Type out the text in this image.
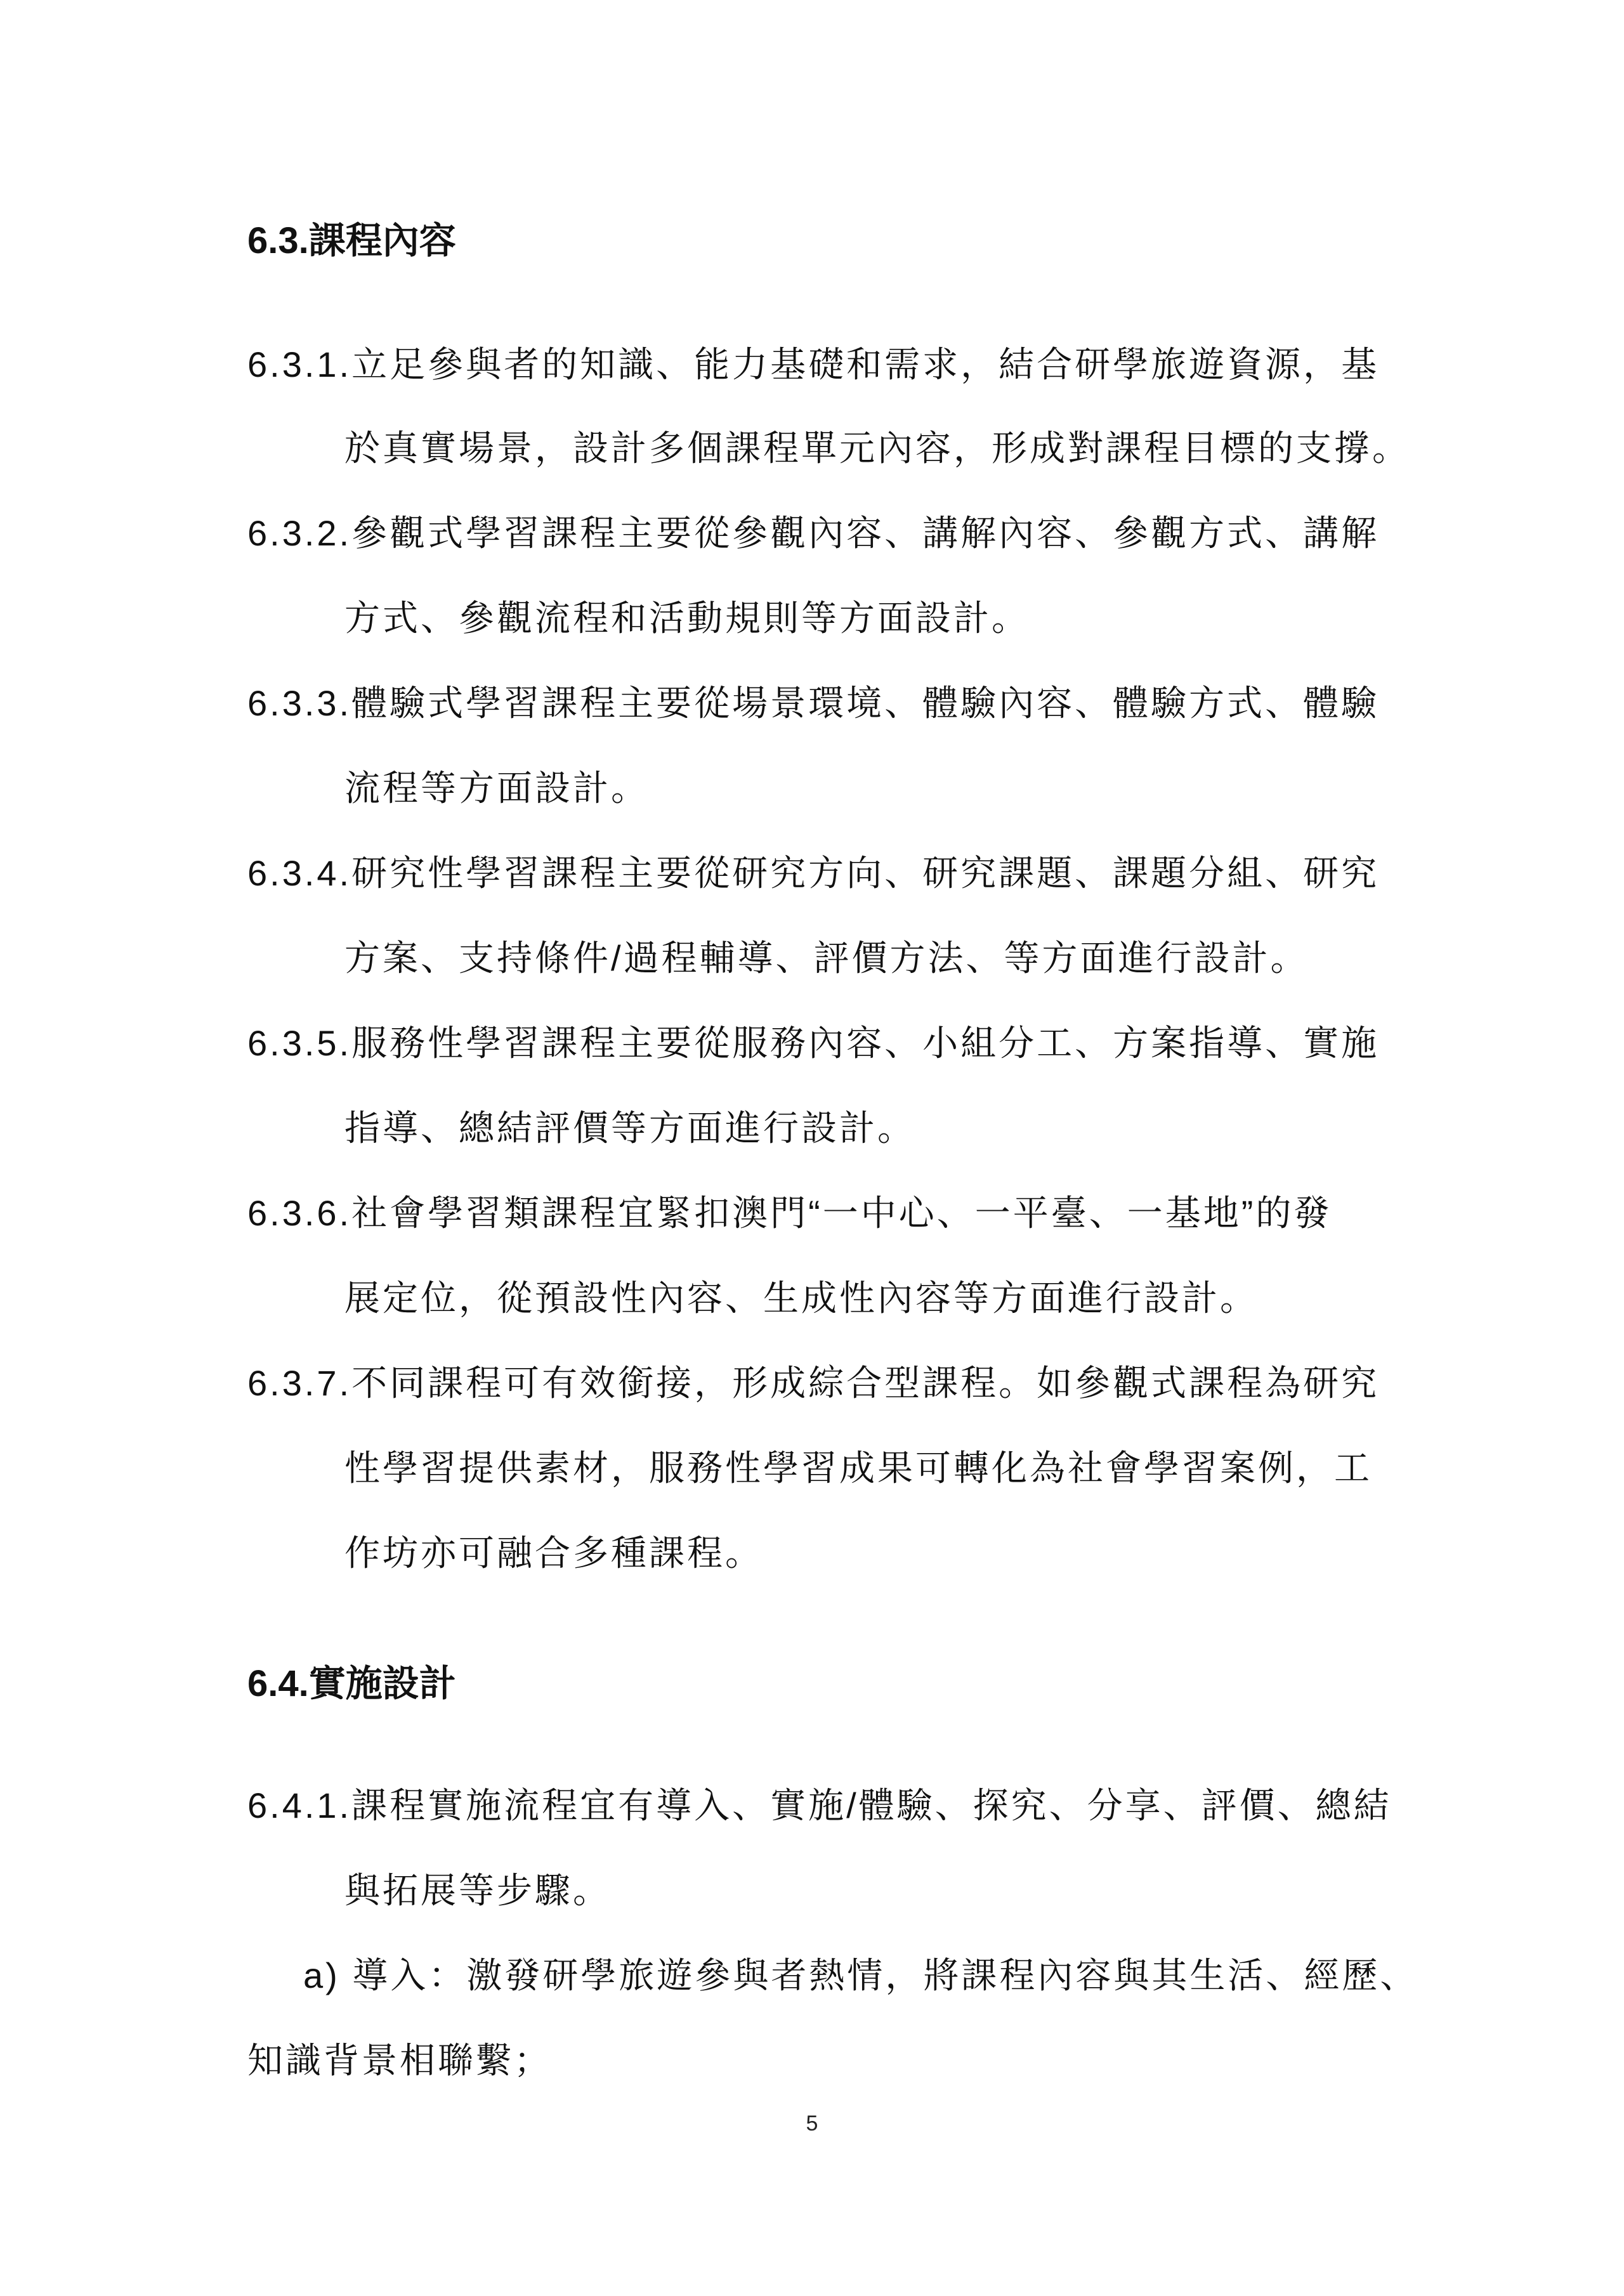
6.3.課程內容
6.3.1.立足參與者的知識、能力基礎和需求，結合研學旅遊資源，基
於真實場景，設計多個課程單元內容，形成對課程目標的支撐。
6.3.2.參觀式學習課程主要從參觀內容、講解內容、參觀方式、講解
方式、參觀流程和活動規則等方面設計。
6.3.3.體驗式學習課程主要從場景環境、體驗內容、體驗方式、體驗
流程等方面設計。
6.3.4.研究性學習課程主要從研究方向、研究課題、課題分組、研究
方案、支持條件/過程輔導、評價方法、等方面進行設計。
6.3.5.服務性學習課程主要從服務內容、小組分工、方案指導、實施
指導、總結評價等方面進行設計。
6.3.6.社會學習類課程宜緊扣澳門“一中心、一平臺、一基地”的發
展定位，從預設性內容、生成性內容等方面進行設計。
6.3.7.不同課程可有效銜接，形成綜合型課程。如參觀式課程為研究
性學習提供素材，服務性學習成果可轉化為社會學習案例，工
作坊亦可融合多種課程。
6.4.實施設計
6.4.1.課程實施流程宜有導入、實施/體驗、探究、分享、評價、總結
與拓展等步驟。
a) 導入：激發研學旅遊參與者熱情，將課程內容與其生活、經歷、
知識背景相聯繫；
5
